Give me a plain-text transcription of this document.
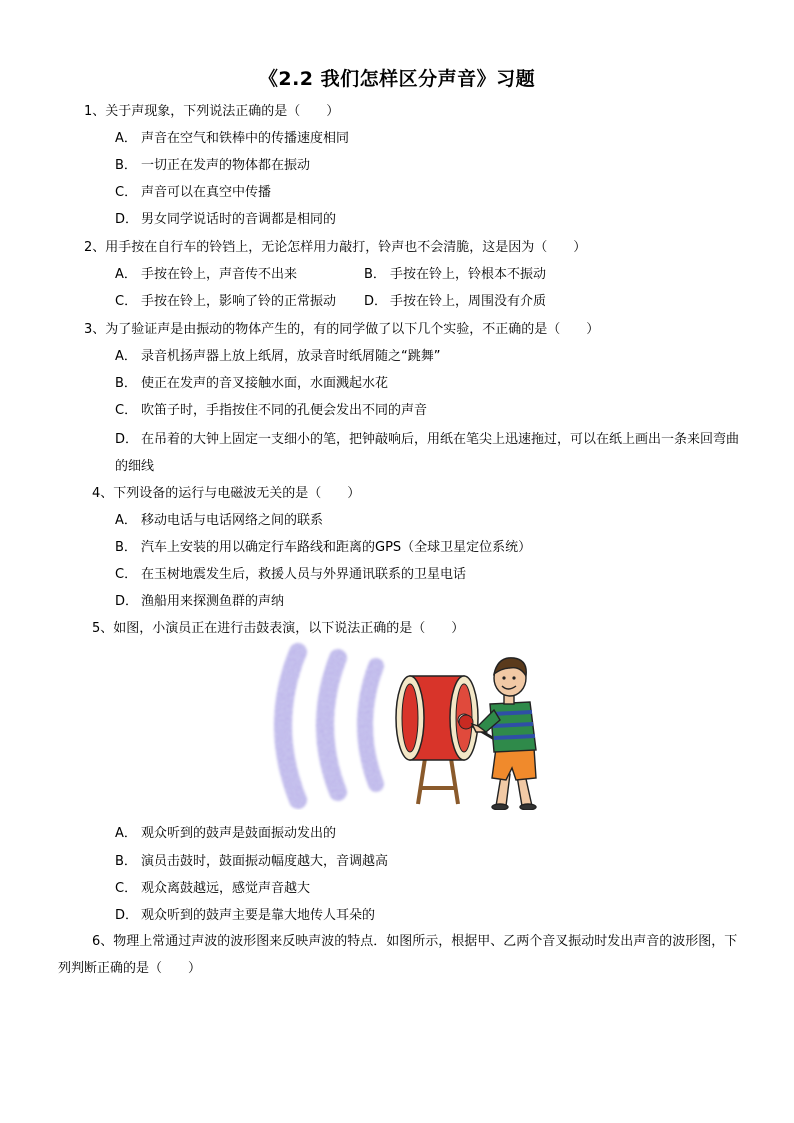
《2.2 我们怎样区分声音》习题
1、关于声现象，下列说法正确的是（　　）
A． 声音在空气和铁棒中的传播速度相同
B． 一切正在发声的物体都在振动
C． 声音可以在真空中传播
D． 男女同学说话时的音调都是相同的
2、用手按在自行车的铃铛上，无论怎样用力敲打，铃声也不会清脆，这是因为（　　）
A． 手按在铃上，声音传不出来	B． 手按在铃上，铃根本不振动
C． 手按在铃上，影响了铃的正常振动 D． 手按在铃上，周围没有介质
3、为了验证声是由振动的物体产生的，有的同学做了以下几个实验，不正确的是（　　）
A． 录音机扬声器上放上纸屑，放录音时纸屑随之“跳舞”
B． 使正在发声的音叉接触水面，水面溅起水花
C． 吹笛子时，手指按住不同的孔便会发出不同的声音
D． 在吊着的大钟上固定一支细小的笔，把钟敲响后，用纸在笔尖上迅速拖过，可以在纸上画出一条来回弯曲的细线
4、下列设备的运行与电磁波无关的是（　　）
A． 移动电话与电话网络之间的联系
B． 汽车上安装的用以确定行车路线和距离的GPS（全球卫星定位系统）
C． 在玉树地震发生后，救援人员与外界通讯联系的卫星电话
D． 渔船用来探测鱼群的声纳
5、如图，小演员正在进行击鼓表演，以下说法正确的是（　　）
A． 观众听到的鼓声是鼓面振动发出的
B． 演员击鼓时，鼓面振动幅度越大，音调越高
C． 观众离鼓越远，感觉声音越大
D． 观众听到的鼓声主要是靠大地传人耳朵的
6、物理上常通过声波的波形图来反映声波的特点．如图所示，根据甲、乙两个音叉振动时发出声音的波形图，下列判断正确的是（　　）
